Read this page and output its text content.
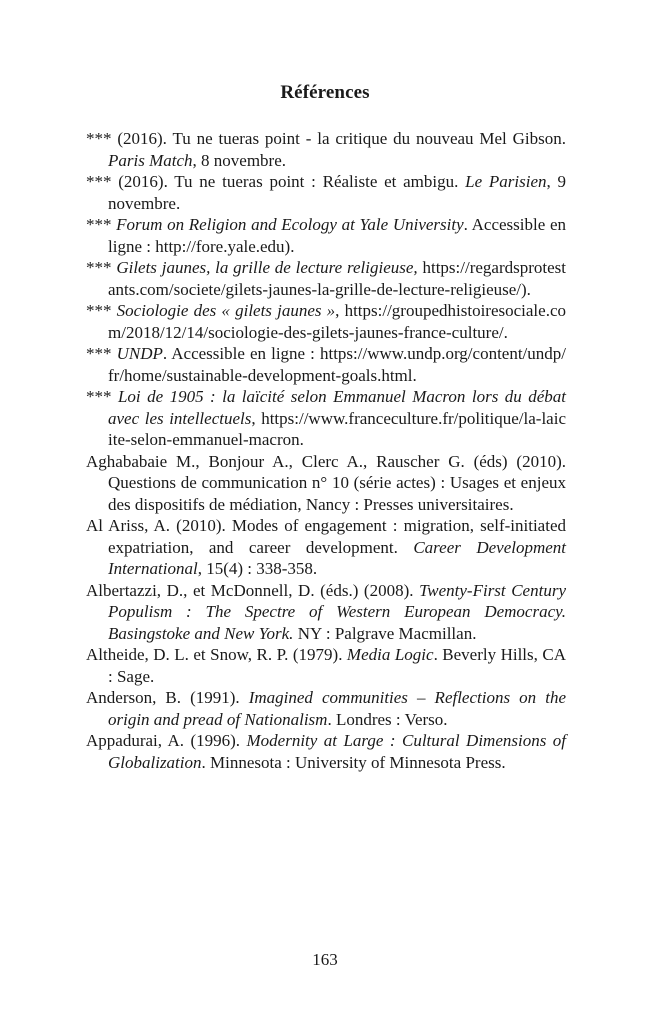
Références

*** (2016). Tu ne tueras point - la critique du nouveau Mel Gibson. Paris Match, 8 novembre.

*** (2016). Tu ne tueras point : Réaliste et ambigu. Le Parisien, 9 novembre.

*** Forum on Religion and Ecology at Yale University. Accessible en ligne : http://fore.yale.edu).

*** Gilets jaunes, la grille de lecture religieuse, https://regardsprotestants.com/societe/gilets-jaunes-la-grille-de-lecture-religieuse/).

*** Sociologie des « gilets jaunes », https://groupedhistoiresociale.com/2018/12/14/sociologie-des-gilets-jaunes-france-culture/.

*** UNDP. Accessible en ligne : https://www.undp.org/content/undp/fr/home/sustainable-development-goals.html.

*** Loi de 1905 : la laïcité selon Emmanuel Macron lors du débat avec les intellectuels, https://www.franceculture.fr/politique/la-laicite-selon-emmanuel-macron.

Aghababaie M., Bonjour A., Clerc A., Rauscher G. (éds) (2010). Questions de communication n° 10 (série actes) : Usages et enjeux des dispositifs de médiation, Nancy : Presses universitaires.

Al Ariss, A. (2010). Modes of engagement : migration, self-initiated expatriation, and career development. Career Development International, 15(4) : 338-358.

Albertazzi, D., et McDonnell, D. (éds.) (2008). Twenty-First Century Populism : The Spectre of Western European Democracy. Basingstoke and New York. NY : Palgrave Macmillan.

Altheide, D. L. et Snow, R. P. (1979). Media Logic. Beverly Hills, CA : Sage.

Anderson, B. (1991). Imagined communities – Reflections on the origin and pread of Nationalism. Londres : Verso.

Appadurai, A. (1996). Modernity at Large : Cultural Dimensions of Globalization. Minnesota : University of Minnesota Press.

163
